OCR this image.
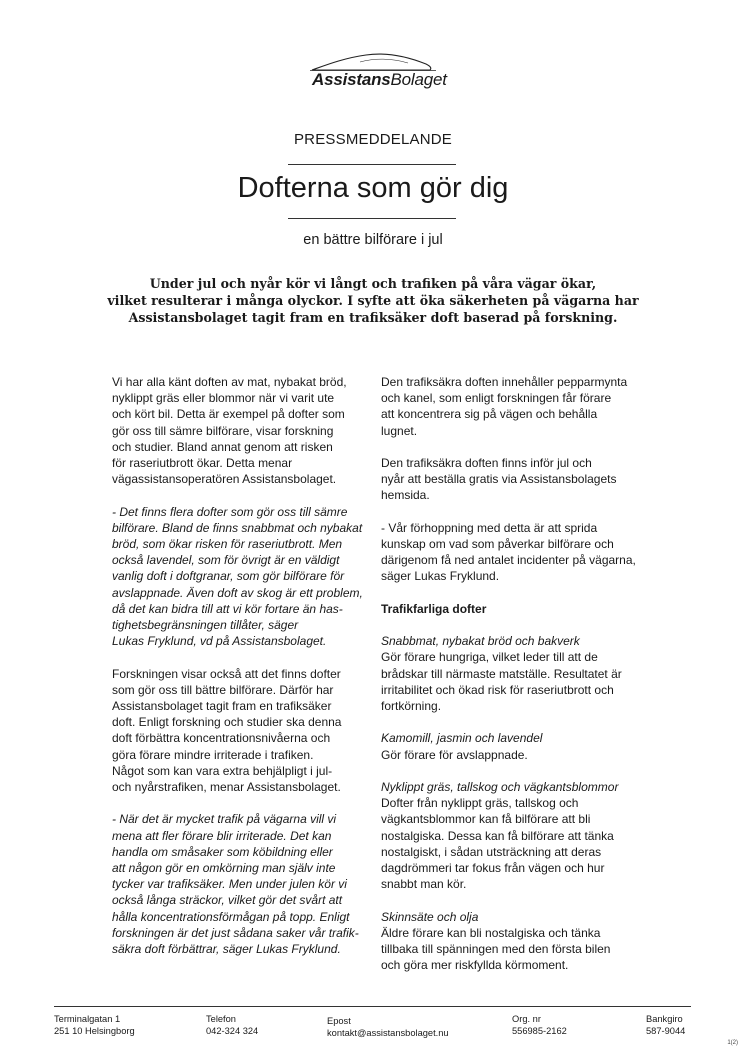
AssistansBolaget
PRESSMEDDELANDE
Dofterna som gör dig
en bättre bilförare i jul
Under jul och nyår kör vi långt och trafiken på våra vägar ökar,
vilket resulterar i många olyckor. I syfte att öka säkerheten på vägarna har
Assistansbolaget tagit fram en trafiksäker doft baserad på forskning.

Vi har alla känt doften av mat, nybakat bröd,
nyklippt gräs eller blommor när vi varit ute
och kört bil. Detta är exempel på dofter som
gör oss till sämre bilförare, visar forskning
och studier. Bland annat genom att risken
för raseriutbrott ökar. Detta menar
vägassistansoperatören Assistansbolaget.

- Det finns flera dofter som gör oss till sämre
bilförare. Bland de finns snabbmat och nybakat
bröd, som ökar risken för raseriutbrott. Men
också lavendel, som för övrigt är en väldigt
vanlig doft i doftgranar, som gör bilförare för
avslappnade. Även doft av skog är ett problem,
då det kan bidra till att vi kör fortare än has-
tighetsbegränsningen tillåter, säger
Lukas Fryklund, vd på Assistansbolaget.

Forskningen visar också att det finns dofter
som gör oss till bättre bilförare. Därför har
Assistansbolaget tagit fram en trafiksäker
doft. Enligt forskning och studier ska denna
doft förbättra koncentrationsnivåerna och
göra förare mindre irriterade i trafiken.
Något som kan vara extra behjälpligt i jul-
och nyårstrafiken, menar Assistansbolaget.

- När det är mycket trafik på vägarna vill vi
mena att fler förare blir irriterade. Det kan
handla om småsaker som köbildning eller
att någon gör en omkörning man själv inte
tycker var trafiksäker. Men under julen kör vi
också långa sträckor, vilket gör det svårt att
hålla koncentrationsförmågan på topp. Enligt
forskningen är det just sådana saker vår trafik-
säkra doft förbättrar, säger Lukas Fryklund.

Den trafiksäkra doften innehåller pepparmynta
och kanel, som enligt forskningen får förare
att koncentrera sig på vägen och behålla
lugnet.

Den trafiksäkra doften finns inför jul och
nyår att beställa gratis via Assistansbolagets
hemsida.

- Vår förhoppning med detta är att sprida
kunskap om vad som påverkar bilförare och
därigenom få ned antalet incidenter på vägarna,
säger Lukas Fryklund.

Trafikfarliga dofter

Snabbmat, nybakat bröd och bakverk
Gör förare hungriga, vilket leder till att de
brådskar till närmaste matställe. Resultatet är
irritabilitet och ökad risk för raseriutbrott och
fortkörning.

Kamomill, jasmin och lavendel
Gör förare för avslappnade.

Nyklippt gräs, tallskog och vägkantsblommor
Dofter från nyklippt gräs, tallskog och
vägkantsblommor kan få bilförare att bli
nostalgiska. Dessa kan få bilförare att tänka
nostalgiskt, i sådan utsträckning att deras
dagdrömmeri tar fokus från vägen och hur
snabbt man kör.

Skinnsäte och olja
Äldre förare kan bli nostalgiska och tänka
tillbaka till spänningen med den första bilen
och göra mer riskfyllda körmoment.

Terminalgatan 1
251 10 Helsingborg
Telefon
042-324 324
Epost
kontakt@assistansbolaget.nu
Org. nr
556985-2162
Bankgiro
587-9044
1(2)
